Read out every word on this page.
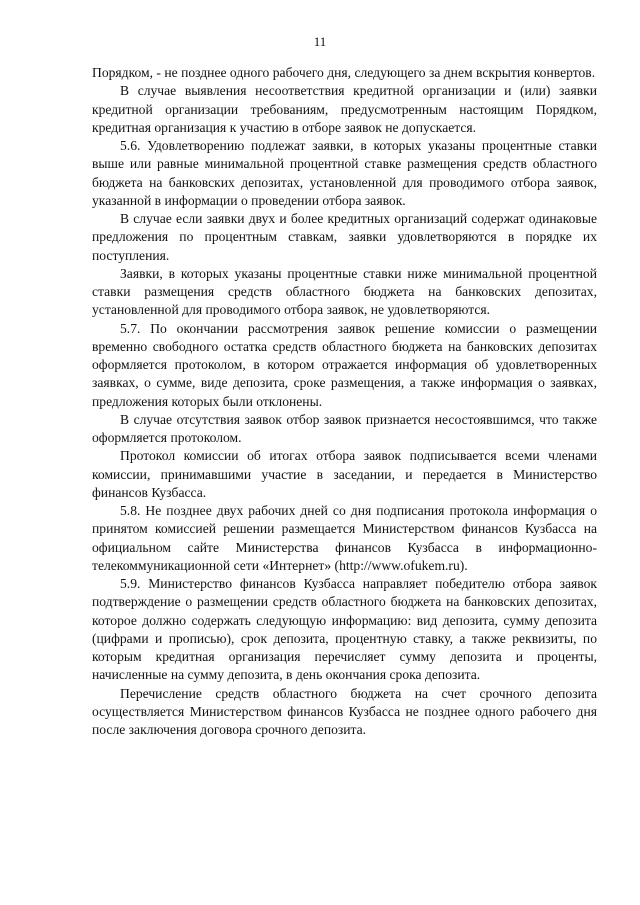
11

Порядком, - не позднее одного рабочего дня, следующего за днем вскрытия конвертов.

В случае выявления несоответствия кредитной организации и (или) заявки кредитной организации требованиям, предусмотренным настоящим Порядком, кредитная организация к участию в отборе заявок не допускается.

5.6. Удовлетворению подлежат заявки, в которых указаны процентные ставки выше или равные минимальной процентной ставке размещения средств областного бюджета на банковских депозитах, установленной для проводимого отбора заявок, указанной в информации о проведении отбора заявок.

В случае если заявки двух и более кредитных организаций содержат одинаковые предложения по процентным ставкам, заявки удовлетворяются в порядке их поступления.

Заявки, в которых указаны процентные ставки ниже минимальной процентной ставки размещения средств областного бюджета на банковских депозитах, установленной для проводимого отбора заявок, не удовлетворяются.

5.7. По окончании рассмотрения заявок решение комиссии о размещении временно свободного остатка средств областного бюджета на банковских депозитах оформляется протоколом, в котором отражается информация об удовлетворенных заявках, о сумме, виде депозита, сроке размещения, а также информация о заявках, предложения которых были отклонены.

В случае отсутствия заявок отбор заявок признается несостоявшимся, что также оформляется протоколом.

Протокол комиссии об итогах отбора заявок подписывается всеми членами комиссии, принимавшими участие в заседании, и передается в Министерство финансов Кузбасса.

5.8. Не позднее двух рабочих дней со дня подписания протокола информация о принятом комиссией решении размещается Министерством финансов Кузбасса на официальном сайте Министерства финансов Кузбасса в информационно-телекоммуникационной сети «Интернет» (http://www.ofukem.ru).

5.9. Министерство финансов Кузбасса направляет победителю отбора заявок подтверждение о размещении средств областного бюджета на банковских депозитах, которое должно содержать следующую информацию: вид депозита, сумму депозита (цифрами и прописью), срок депозита, процентную ставку, а также реквизиты, по которым кредитная организация перечисляет сумму депозита и проценты, начисленные на сумму депозита, в день окончания срока депозита.

Перечисление средств областного бюджета на счет срочного депозита осуществляется Министерством финансов Кузбасса не позднее одного рабочего дня после заключения договора срочного депозита.
